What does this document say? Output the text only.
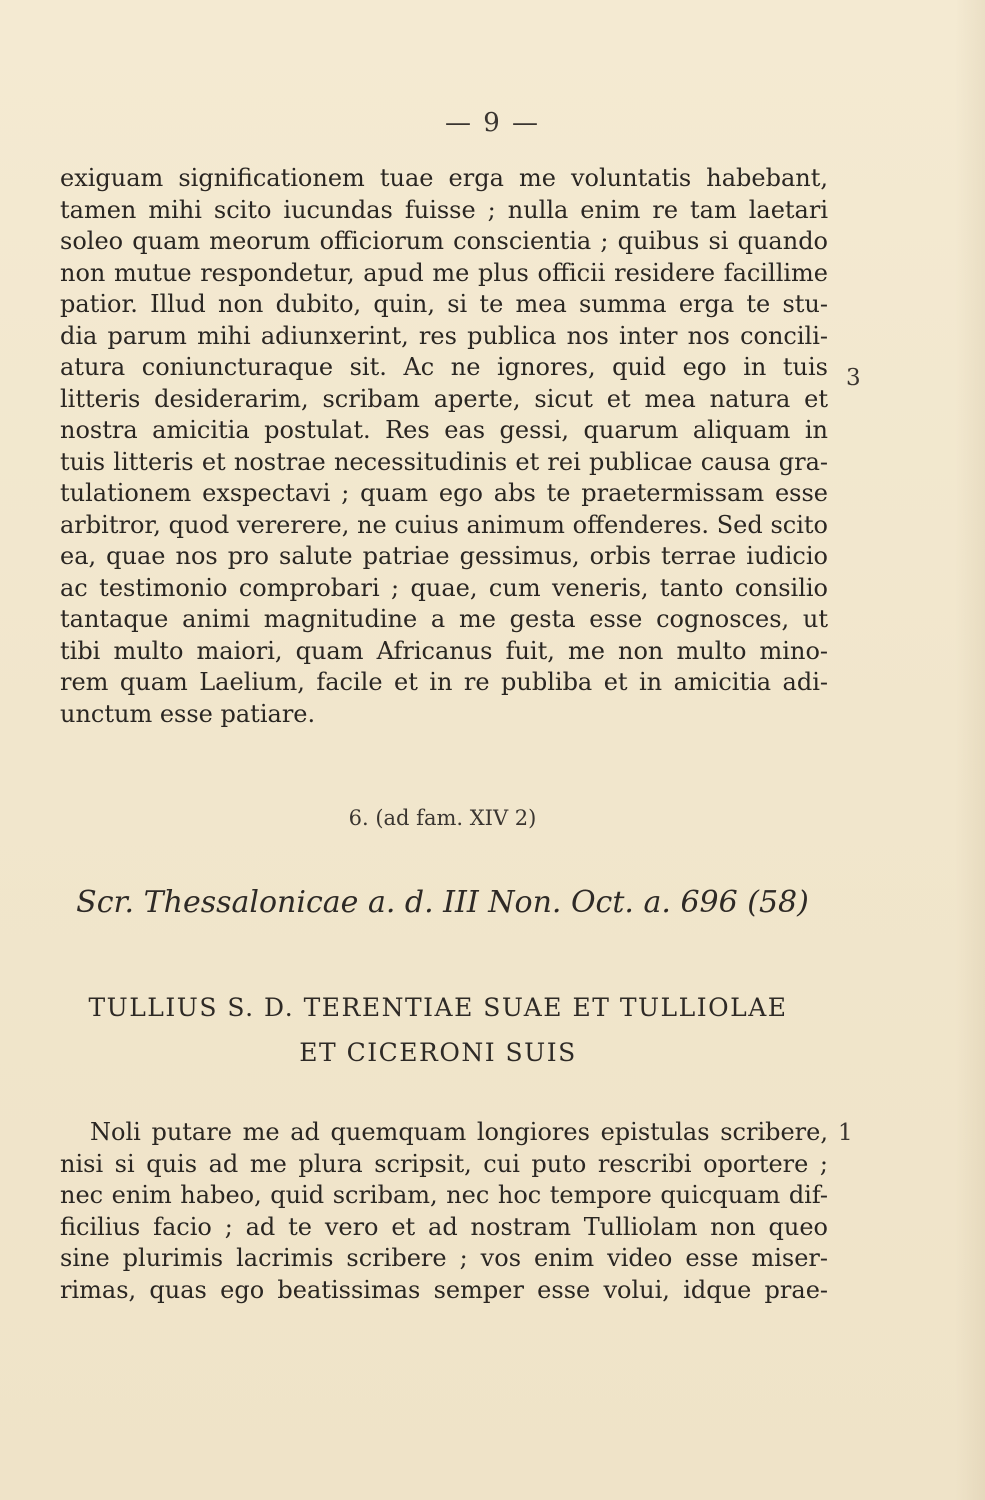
— 9 —
exiguam significationem tuae erga me voluntatis habebant,
tamen mihi scito iucundas fuisse ; nulla enim re tam laetari
soleo quam meorum officiorum conscientia ; quibus si quando
non mutue respondetur, apud me plus officii residere facillime
patior. Illud non dubito, quin, si te mea summa erga te stu-
dia parum mihi adiunxerint, res publica nos inter nos concili-
atura coniuncturaque sit. Ac ne ignores, quid ego in tuis
litteris desiderarim, scribam aperte, sicut et mea natura et
nostra amicitia postulat. Res eas gessi, quarum aliquam in
tuis litteris et nostrae necessitudinis et rei publicae causa gra-
tulationem exspectavi ; quam ego abs te praetermissam esse
arbitror, quod vererere, ne cuius animum offenderes. Sed scito
ea, quae nos pro salute patriae gessimus, orbis terrae iudicio
ac testimonio comprobari ; quae, cum veneris, tanto consilio
tantaque animi magnitudine a me gesta esse cognosces, ut
tibi multo maiori, quam Africanus fuit, me non multo mino-
rem quam Laelium, facile et in re publiba et in amicitia adi-
unctum esse patiare.
3
6. (ad fam. XIV 2)
Scr. Thessalonicae a. d. III Non. Oct. a. 696 (58)
TULLIUS S. D. TERENTIAE SUAE ET TULLIOLAE
ET CICERONI SUIS
1
Noli putare me ad quemquam longiores epistulas scribere,
nisi si quis ad me plura scripsit, cui puto rescribi oportere ;
nec enim habeo, quid scribam, nec hoc tempore quicquam dif-
ficilius facio ; ad te vero et ad nostram Tulliolam non queo
sine plurimis lacrimis scribere ; vos enim video esse miser-
rimas, quas ego beatissimas semper esse volui, idque prae-
